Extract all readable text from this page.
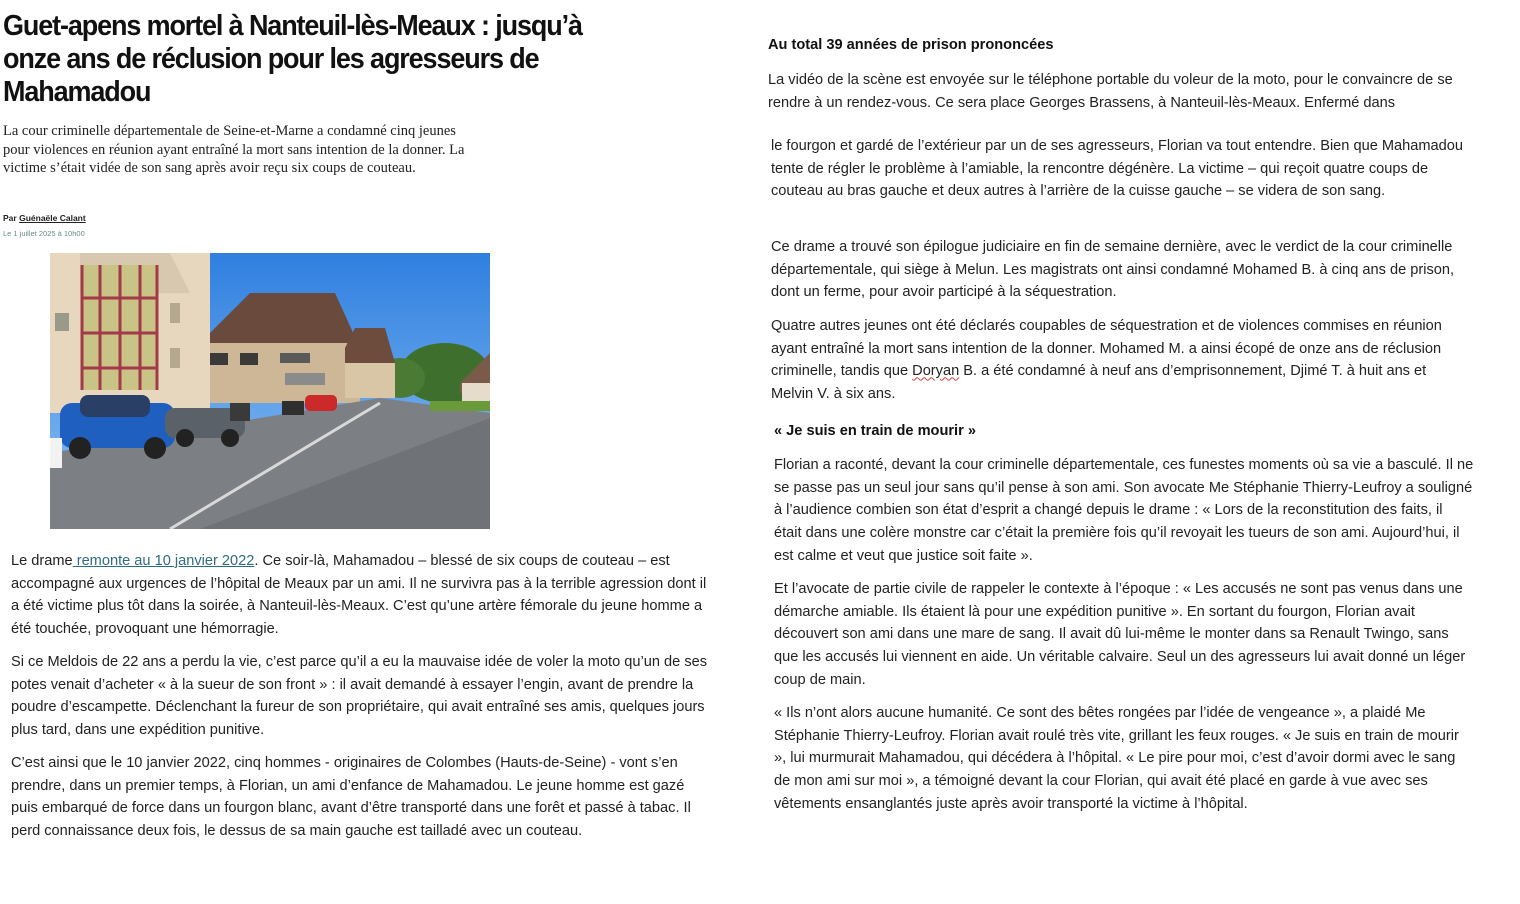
Guet-apens mortel à Nanteuil-lès-Meaux : jusqu’à onze ans de réclusion pour les agresseurs de Mahamadou

La cour criminelle départementale de Seine-et-Marne a condamné cinq jeunes pour violences en réunion ayant entraîné la mort sans intention de la donner. La victime s’était vidée de son sang après avoir reçu six coups de couteau.

Par Guénaële Calant
Le 1 juillet 2025 à 10h00

Le drame remonte au 10 janvier 2022. Ce soir-là, Mahamadou – blessé de six coups de couteau – est accompagné aux urgences de l’hôpital de Meaux par un ami. Il ne survivra pas à la terrible agression dont il a été victime plus tôt dans la soirée, à Nanteuil-lès-Meaux. C’est qu’une artère fémorale du jeune homme a été touchée, provoquant une hémorragie.

Si ce Meldois de 22 ans a perdu la vie, c’est parce qu’il a eu la mauvaise idée de voler la moto qu’un de ses potes venait d’acheter « à la sueur de son front » : il avait demandé à essayer l’engin, avant de prendre la poudre d’escampette. Déclenchant la fureur de son propriétaire, qui avait entraîné ses amis, quelques jours plus tard, dans une expédition punitive.
C’est ainsi que le 10 janvier 2022, cinq hommes - originaires de Colombes (Hauts-de-Seine) - vont s’en prendre, dans un premier temps, à Florian, un ami d’enfance de Mahamadou. Le jeune homme est gazé puis embarqué de force dans un fourgon blanc, avant d’être transporté dans une forêt et passé à tabac. Il perd connaissance deux fois, le dessus de sa main gauche est tailladé avec un couteau.
Au total 39 années de prison prononcées
La vidéo de la scène est envoyée sur le téléphone portable du voleur de la moto, pour le convaincre de se rendre à un rendez-vous. Ce sera place Georges Brassens, à Nanteuil-lès-Meaux. Enfermé dans
le fourgon et gardé de l’extérieur par un de ses agresseurs, Florian va tout entendre. Bien que Mahamadou tente de régler le problème à l’amiable, la rencontre dégénère. La victime – qui reçoit quatre coups de couteau au bras gauche et deux autres à l’arrière de la cuisse gauche – se videra de son sang.
Ce drame a trouvé son épilogue judiciaire en fin de semaine dernière, avec le verdict de la cour criminelle départementale, qui siège à Melun. Les magistrats ont ainsi condamné Mohamed B. à cinq ans de prison, dont un ferme, pour avoir participé à la séquestration.

Quatre autres jeunes ont été déclarés coupables de séquestration et de violences commises en réunion ayant entraîné la mort sans intention de la donner. Mohamed M. a ainsi écopé de onze ans de réclusion criminelle, tandis que Doryan B. a été condamné à neuf ans d’emprisonnement, Djimé T. à huit ans et Melvin V. à six ans.

« Je suis en train de mourir »
Florian a raconté, devant la cour criminelle départementale, ces funestes moments où sa vie a basculé. Il ne se passe pas un seul jour sans qu’il pense à son ami. Son avocate Me Stéphanie Thierry-Leufroy a souligné à l’audience combien son état d’esprit a changé depuis le drame : « Lors de la reconstitution des faits, il était dans une colère monstre car c’était la première fois qu’il revoyait les tueurs de son ami. Aujourd’hui, il est calme et veut que justice soit faite ».
Et l’avocate de partie civile de rappeler le contexte à l’époque : « Les accusés ne sont pas venus dans une démarche amiable. Ils étaient là pour une expédition punitive ». En sortant du fourgon, Florian avait découvert son ami dans une mare de sang. Il avait dû lui-même le monter dans sa Renault Twingo, sans que les accusés lui viennent en aide. Un véritable calvaire. Seul un des agresseurs lui avait donné un léger coup de main.
« Ils n’ont alors aucune humanité. Ce sont des bêtes rongées par l’idée de vengeance », a plaidé Me Stéphanie Thierry-Leufroy. Florian avait roulé très vite, grillant les feux rouges. « Je suis en train de mourir », lui murmurait Mahamadou, qui décédera à l’hôpital. « Le pire pour moi, c’est d’avoir dormi avec le sang de mon ami sur moi », a témoigné devant la cour Florian, qui avait été placé en garde à vue avec ses vêtements ensanglantés juste après avoir transporté la victime à l’hôpital.
